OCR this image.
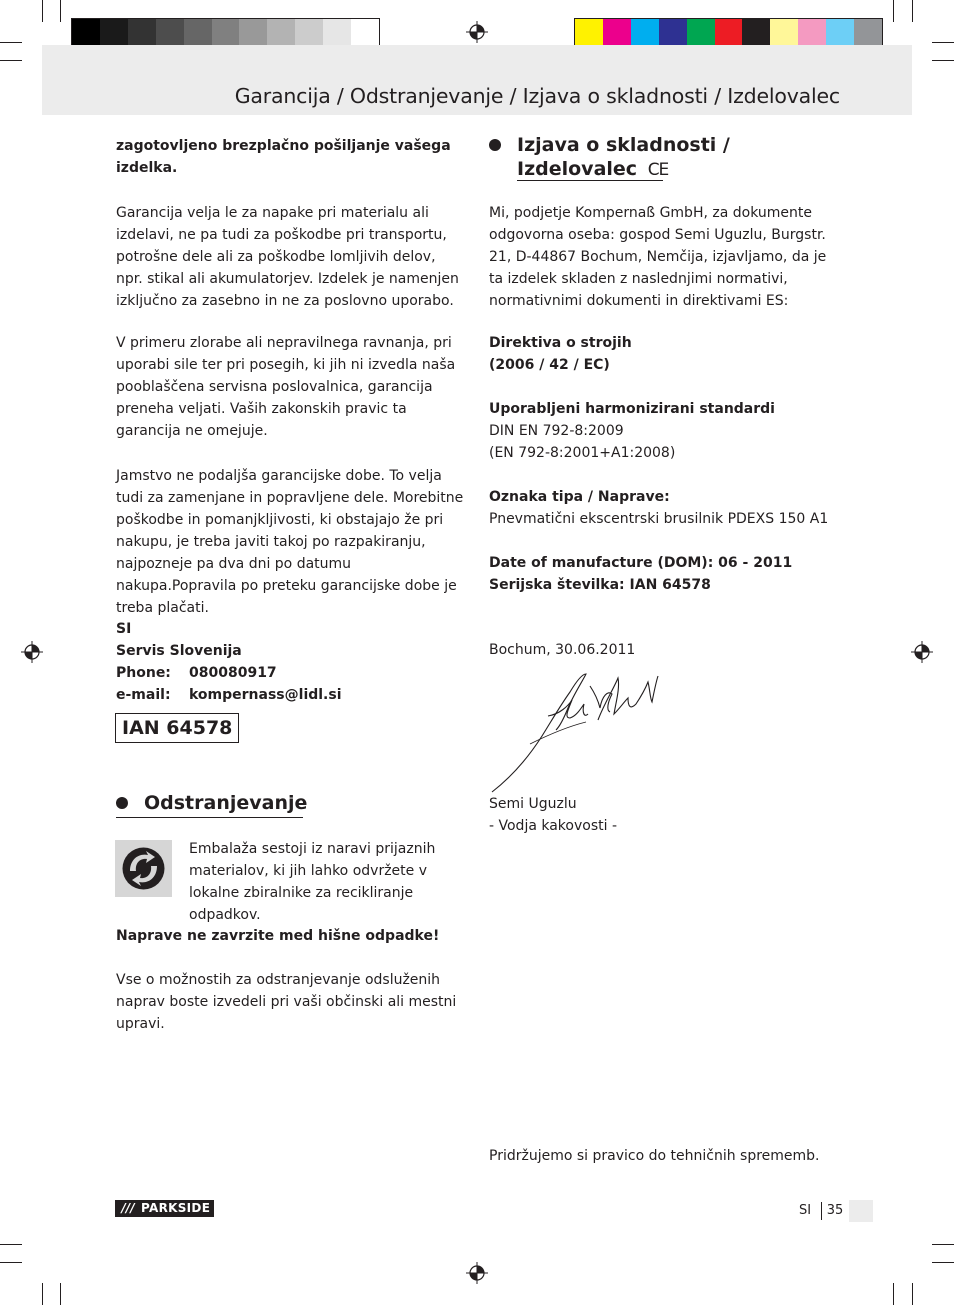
Garancija / Odstranjevanje / Izjava o skladnosti / Izdelovalec

zagotovljeno brezplačno pošiljanje vašega izdelka.

Garancija velja le za napake pri materialu ali izdelavi, ne pa tudi za poškodbe pri transportu, potrošne dele ali za poškodbe lomljivih delov, npr. stikal ali akumulatorjev. Izdelek je namenjen izključno za zasebno in ne za poslovno uporabo.

V primeru zlorabe ali nepravilnega ravnanja, pri uporabi sile ter pri posegih, ki jih ni izvedla naša pooblaščena servisna poslovalnica, garancija preneha veljati. Vaših zakonskih pravic ta garancija ne omejuje.

Jamstvo ne podaljša garancijske dobe. To velja tudi za zamenjane in popravljene dele. Morebitne poškodbe in pomanjkljivosti, ki obstajajo že pri nakupu, je treba javiti takoj po razpakiranju, najpozneje pa dva dni po datumu nakupa.Popravila po preteku garancijske dobe je treba plačati.

SI
Servis Slovenija
Phone: 080080917
e-mail: kompernass@lidl.si
IAN 64578
Odstranjevanje

Embalaža sestoji iz naravi prijaznih materialov, ki jih lahko odvržete v lokalne zbiralnike za recikliranje odpadkov.

Naprave ne zavrzite med hišne odpadke!

Vse o možnostih za odstranjevanje odsluženih naprav boste izvedeli pri vaši občinski ali mestni upravi.

Izjava o skladnosti /
Izdelovalec CE

Mi, podjetje Kompernaß GmbH, za dokumente odgovorna oseba: gospod Semi Uguzlu, Burgstr. 21, D-44867 Bochum, Nemčija, izjavljamo, da je ta izdelek skladen z naslednjimi normativi, normativnimi dokumenti in direktivami ES:

Direktiva o strojih
(2006 / 42 / EC)
Uporabljeni harmonizirani standardi
DIN EN 792-8:2009
(EN 792-8:2001+A1:2008)
Oznaka tipa / Naprave:
Pnevmatični ekscentrski brusilnik PDEXS 150 A1
Date of manufacture (DOM): 06 - 2011
Serijska številka: IAN 64578

Bochum, 30.06.2011

Semi Uguzlu
- Vodja kakovosti -

Pridržujemo si pravico do tehničnih sprememb.

/// PARKSIDE	SI	35
